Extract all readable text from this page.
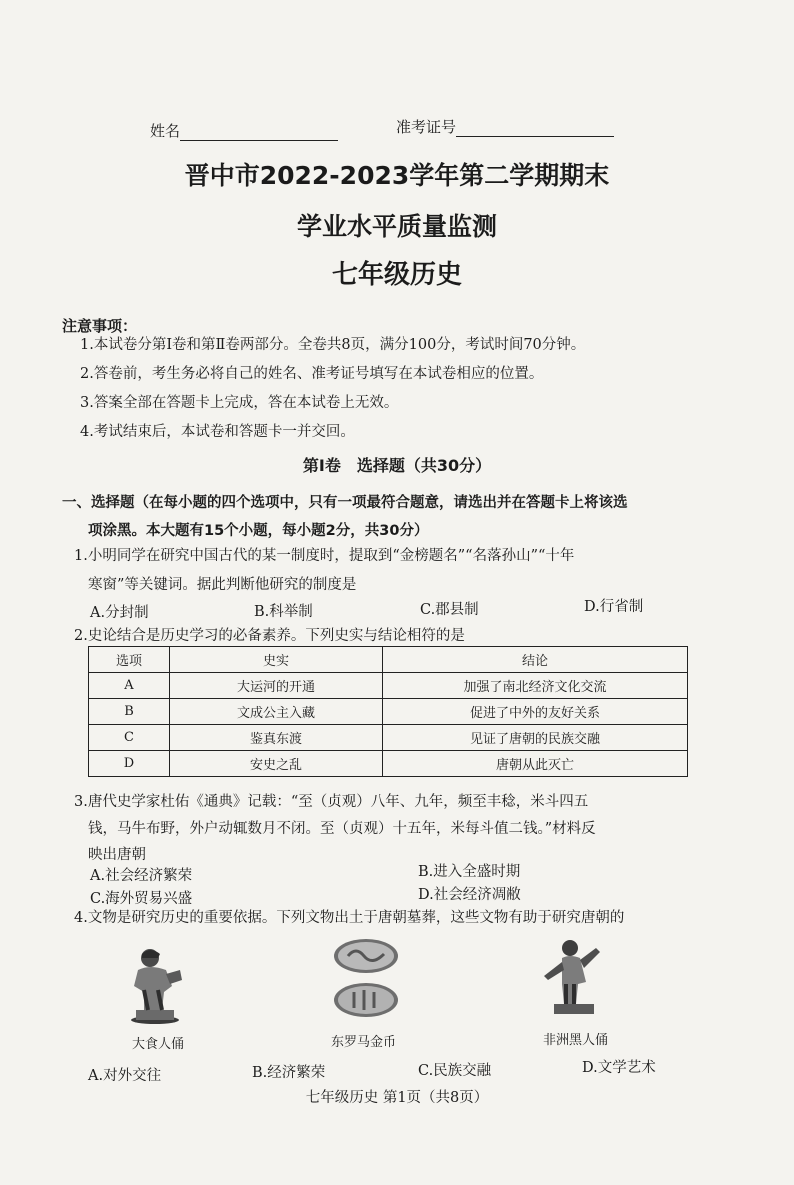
姓名	准考证号
晋中市2022-2023学年第二学期期末
学业水平质量监测
七年级历史
注意事项：
1.本试卷分第Ⅰ卷和第Ⅱ卷两部分。全卷共8页，满分100分，考试时间70分钟。
2.答卷前，考生务必将自己的姓名、准考证号填写在本试卷相应的位置。
3.答案全部在答题卡上完成，答在本试卷上无效。
4.考试结束后，本试卷和答题卡一并交回。
第Ⅰ卷　选择题（共30分）
一、选择题（在每小题的四个选项中，只有一项最符合题意，请选出并在答题卡上将该选
项涂黑。本大题有15个小题，每小题2分，共30分）
1.小明同学在研究中国古代的某一制度时，提取到“金榜题名”“名落孙山”“十年
寒窗”等关键词。据此判断他研究的制度是
A.分封制	B.科举制	C.郡县制	D.行省制
2.史论结合是历史学习的必备素养。下列史实与结论相符的是
选项	史实	结论
A	大运河的开通	加强了南北经济文化交流
B	文成公主入藏	促进了中外的友好关系
C	鉴真东渡	见证了唐朝的民族交融
D	安史之乱	唐朝从此灭亡
3.唐代史学家杜佑《通典》记载：“至（贞观）八年、九年，频至丰稔，米斗四五
钱，马牛布野，外户动辄数月不闭。至（贞观）十五年，米每斗值二钱。”材料反
映出唐朝
A.社会经济繁荣	B.进入全盛时期
C.海外贸易兴盛	D.社会经济凋敝
4.文物是研究历史的重要依据。下列文物出土于唐朝墓葬，这些文物有助于研究唐朝的
大食人俑	东罗马金币	非洲黑人俑
A.对外交往	B.经济繁荣	C.民族交融	D.文学艺术
七年级历史 第1页（共8页）
